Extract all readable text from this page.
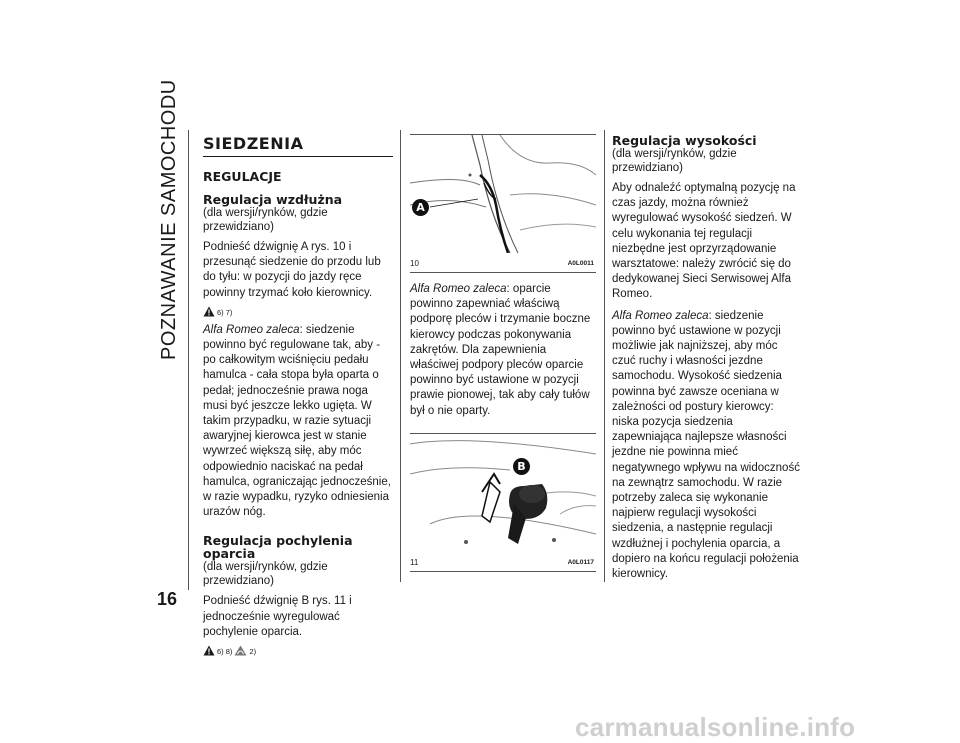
POZNAWANIE SAMOCHODU SIEDZENIA
REGULACJE
Regulacja wzdłużna
(dla wersji/rynków, gdzie przewidziano)

Podnieść dźwignię A rys. 10 i przesunąć siedzenie do przodu lub do tyłu: w pozycji do jazdy ręce powinny trzymać koło kierownicy.

6) 7)

Alfa Romeo zaleca: siedzenie powinno być regulowane tak, aby - po całkowitym wciśnięciu pedału hamulca - cała stopa była oparta o pedał; jednocześnie prawa noga musi być jeszcze lekko ugięta. W takim przypadku, w razie sytuacji awaryjnej kierowca jest w stanie wywrzeć większą siłę, aby móc odpowiednio naciskać na pedał hamulca, ograniczając jednocześnie, w razie wypadku, ryzyko odniesienia urazów nóg.

Regulacja pochylenia oparcia
(dla wersji/rynków, gdzie przewidziano)

Podnieść dźwignię B rys. 11 i jednocześnie wyregulować pochylenie oparcia.

6) 8) 2)
A
10	A0L0011

Alfa Romeo zaleca: oparcie powinno zapewniać właściwą podporę pleców i trzymanie boczne kierowcy podczas pokonywania zakrętów. Dla zapewnienia właściwej podpory pleców oparcie powinno być ustawione w pozycji prawie pionowej, tak aby cały tułów był o nie oparty.

B
11	A0L0117
Regulacja wysokości
(dla wersji/rynków, gdzie przewidziano)

Aby odnaleźć optymalną pozycję na czas jazdy, można również wyregulować wysokość siedzeń. W celu wykonania tej regulacji niezbędne jest oprzyrządowanie warsztatowe: należy zwrócić się do dedykowanej Sieci Serwisowej Alfa Romeo.

Alfa Romeo zaleca: siedzenie powinno być ustawione w pozycji możliwie jak najniższej, aby móc czuć ruchy i własności jezdne samochodu. Wysokość siedzenia powinna być zawsze oceniana w zależności od postury kierowcy: niska pozycja siedzenia zapewniająca najlepsze własności jezdne nie powinna mieć negatywnego wpływu na widoczność na zewnątrz samochodu. W razie potrzeby zaleca się wykonanie najpierw regulacji wysokości siedzenia, a następnie regulacji wzdłużnej i pochylenia oparcia, a dopiero na końcu regulacji położenia kierownicy.

16
carmanualsonline.info
